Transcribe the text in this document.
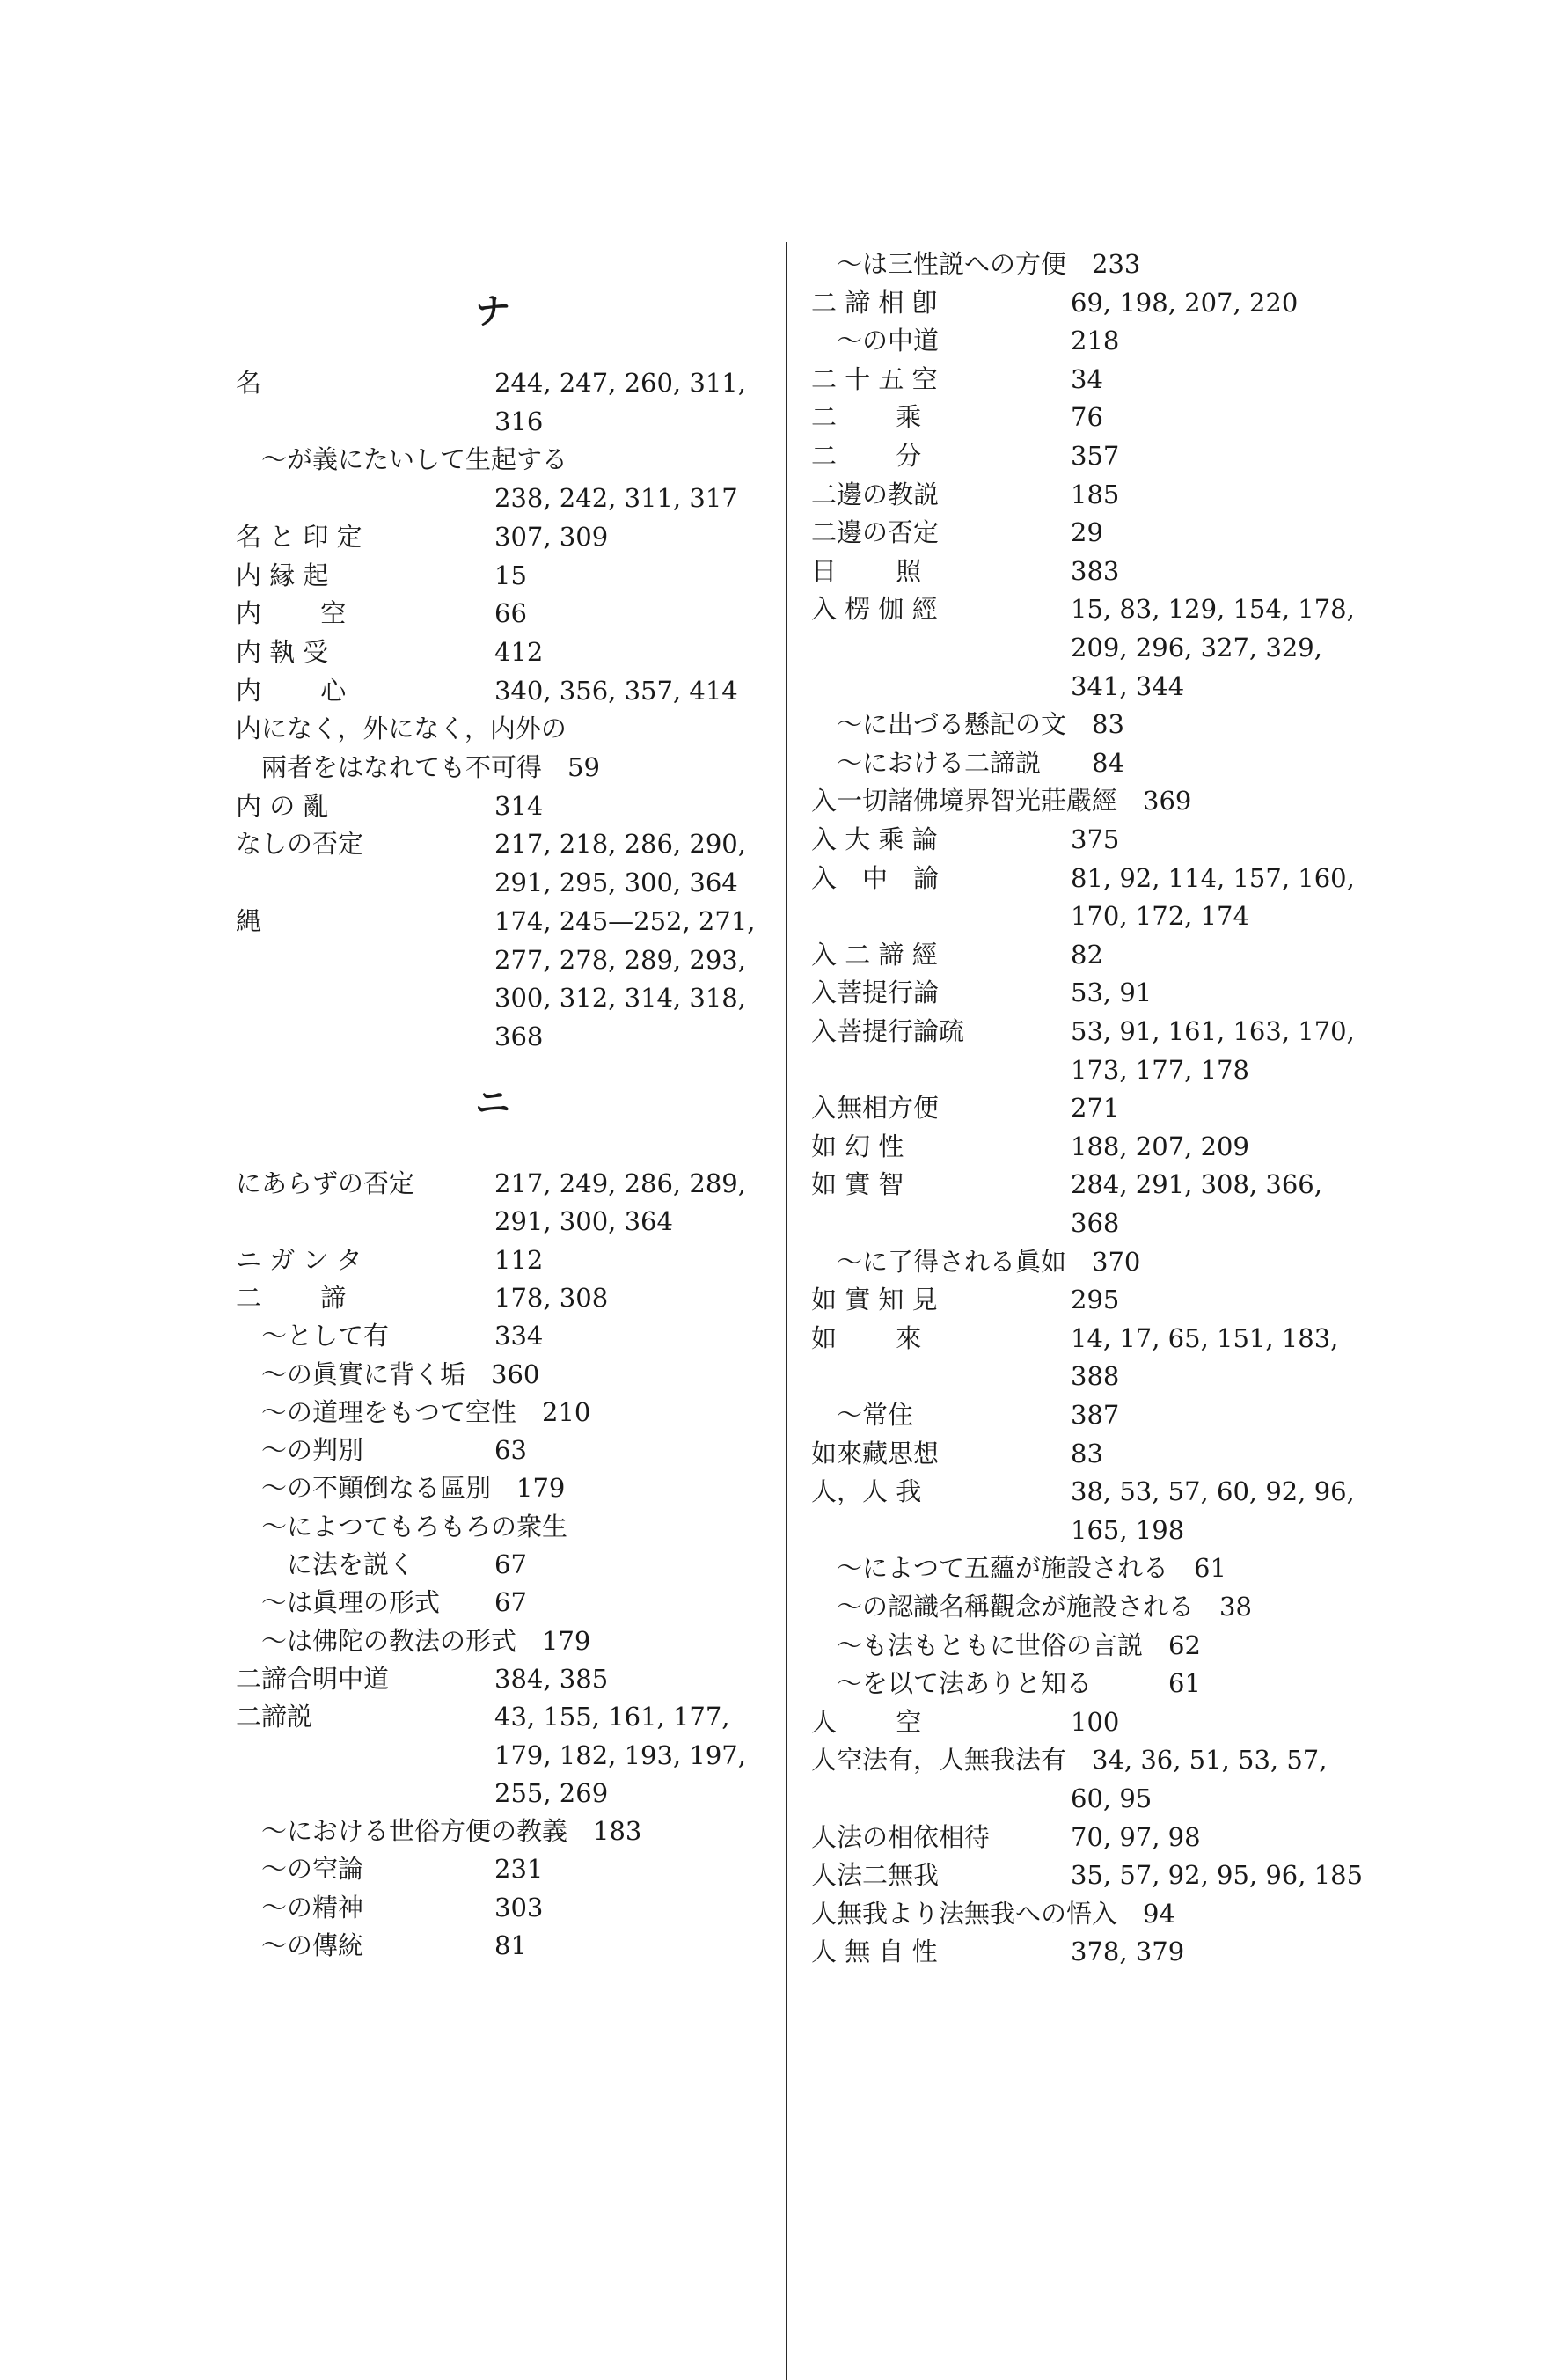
ナ
ニ
名	244, 247, 260, 311,
316
　～が義にたいして生起する
238, 242, 311, 317
名 と 印 定	307, 309
内 縁 起	15
内　　 空	66
内 執 受	412
内　　 心	340, 356, 357, 414
内になく，外になく，内外の
　兩者をはなれても不可得　59
内 の 亂	314
なしの否定	217, 218, 286, 290,
291, 295, 300, 364
縄	174, 245—252, 271,
277, 278, 289, 293,
300, 312, 314, 318,
368
にあらずの否定	217, 249, 286, 289,
291, 300, 364
ニ ガ ン タ	112
二　　 諦	178, 308
　～として有	334
　～の眞實に背く垢　360
　～の道理をもつて空性　210
　～の判別	63
　～の不顚倒なる區別　179
　～によつてもろもろの衆生
　　に法を説く	67
　～は眞理の形式 67
　～は佛陀の教法の形式　179
二諦合明中道	384, 385
二諦説	43, 155, 161, 177,
179, 182, 193, 197,
255, 269
　～における世俗方便の教義　183
　～の空論	231
　～の精神	303
　～の傳統	81
　～は三性説への方便　233
二 諦 相 卽	69, 198, 207, 220
　～の中道	218
二 十 五 空	34
二　　 乘	76
二　　 分	357
二邊の教説	185
二邊の否定	29
日　　 照	383
入 楞 伽 經	15, 83, 129, 154, 178,
209, 296, 327, 329,
341, 344
　～に出づる懸記の文　83
　～における二諦説　　84
入一切諸佛境界智光莊嚴經　369
入 大 乘 論	375
入　中　論	81, 92, 114, 157, 160,
170, 172, 174
入 二 諦 經	82
入菩提行論	53, 91
入菩提行論疏	53, 91, 161, 163, 170,
173, 177, 178
入無相方便	271
如 幻 性	188, 207, 209
如 實 智	284, 291, 308, 366,
368
　～に了得される眞如　370
如 實 知 見	295
如　　 來	14, 17, 65, 151, 183,
388
　～常住	387
如來藏思想	83
人，人 我	38, 53, 57, 60, 92, 96,
165, 198
　～によつて五蘊が施設される　61
　～の認識名稱觀念が施設される　38
　～も法もともに世俗の言説　62
　～を以て法ありと知る　　　61
人　　 空	100
人空法有，人無我法有　34, 36, 51, 53, 57,
60, 95
人法の相依相待	70, 97, 98
人法二無我	35, 57, 92, 95, 96, 185
人無我より法無我への悟入　94
人 無 自 性	378, 379
